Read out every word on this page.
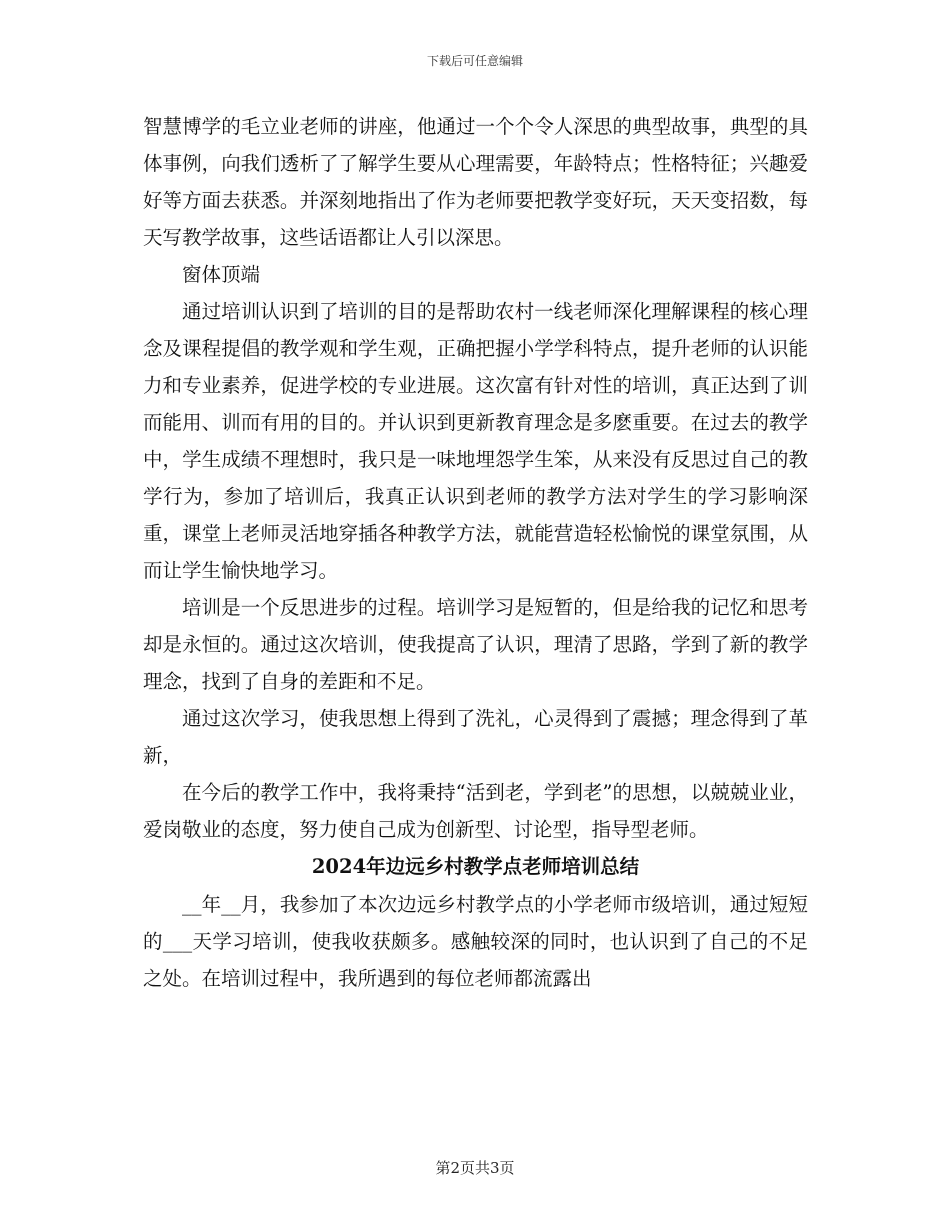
下载后可任意编辑

智慧博学的毛立业老师的讲座，他通过一个个令人深思的典型故事，典型的具体事例，向我们透析了了解学生要从心理需要，年龄特点；性格特征；兴趣爱好等方面去获悉。并深刻地指出了作为老师要把教学变好玩，天天变招数，每天写教学故事，这些话语都让人引以深思。

窗体顶端

通过培训认识到了培训的目的是帮助农村一线老师深化理解课程的核心理念及课程提倡的教学观和学生观，正确把握小学学科特点，提升老师的认识能力和专业素养，促进学校的专业进展。这次富有针对性的培训，真正达到了训而能用、训而有用的目的。并认识到更新教育理念是多麽重要。在过去的教学中，学生成绩不理想时，我只是一味地埋怨学生笨，从来没有反思过自己的教学行为，参加了培训后，我真正认识到老师的教学方法对学生的学习影响深重，课堂上老师灵活地穿插各种教学方法，就能营造轻松愉悦的课堂氛围，从而让学生愉快地学习。

培训是一个反思进步的过程。培训学习是短暂的，但是给我的记忆和思考却是永恒的。通过这次培训，使我提高了认识，理清了思路，学到了新的教学理念，找到了自身的差距和不足。

通过这次学习，使我思想上得到了洗礼，心灵得到了震撼；理念得到了革新，

在今后的教学工作中，我将秉持“活到老，学到老”的思想，以兢兢业业，爱岗敬业的态度，努力使自己成为创新型、讨论型，指导型老师。

2024年边远乡村教学点老师培训总结

__年__月，我参加了本次边远乡村教学点的小学老师市级培训，通过短短的___天学习培训，使我收获颇多。感触较深的同时，也认识到了自己的不足之处。在培训过程中，我所遇到的每位老师都流露出

第2页共3页
